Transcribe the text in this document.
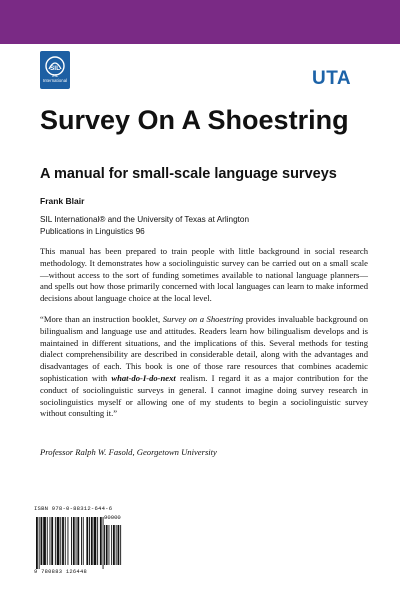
SIL
SIL International	UTA
Survey On A Shoestring
A manual for small-scale language surveys
Frank Blair
SIL International® and the University of Texas at Arlington
Publications in Linguistics 96

This manual has been prepared to train people with little background in social research methodology. It demonstrates how a sociolinguistic survey can be carried out on a small scale—without access to the sort of funding sometimes available to national language planners—and spells out how those primarily concerned with local languages can learn to make informed decisions about language choice at the local level.

“More than an instruction booklet, Survey on a Shoestring provides invaluable background on bilingualism and language use and attitudes. Readers learn how bilingualism develops and is maintained in different situations, and the implications of this. Several methods for testing dialect comprehensibility are described in considerable detail, along with the advantages and disadvantages of each. This book is one of those rare resources that combines academic sophistication with what-do-I-do-next realism. I regard it as a major contribution for the conduct of sociolinguistic surveys in general. I cannot imagine doing survey research in sociolinguistics myself or allowing one of my students to begin a sociolinguistic survey without consulting it.”

Professor Ralph W. Fasold, Georgetown University

ISBN 978-0-88312-644-6
90000
9 780883 126448
